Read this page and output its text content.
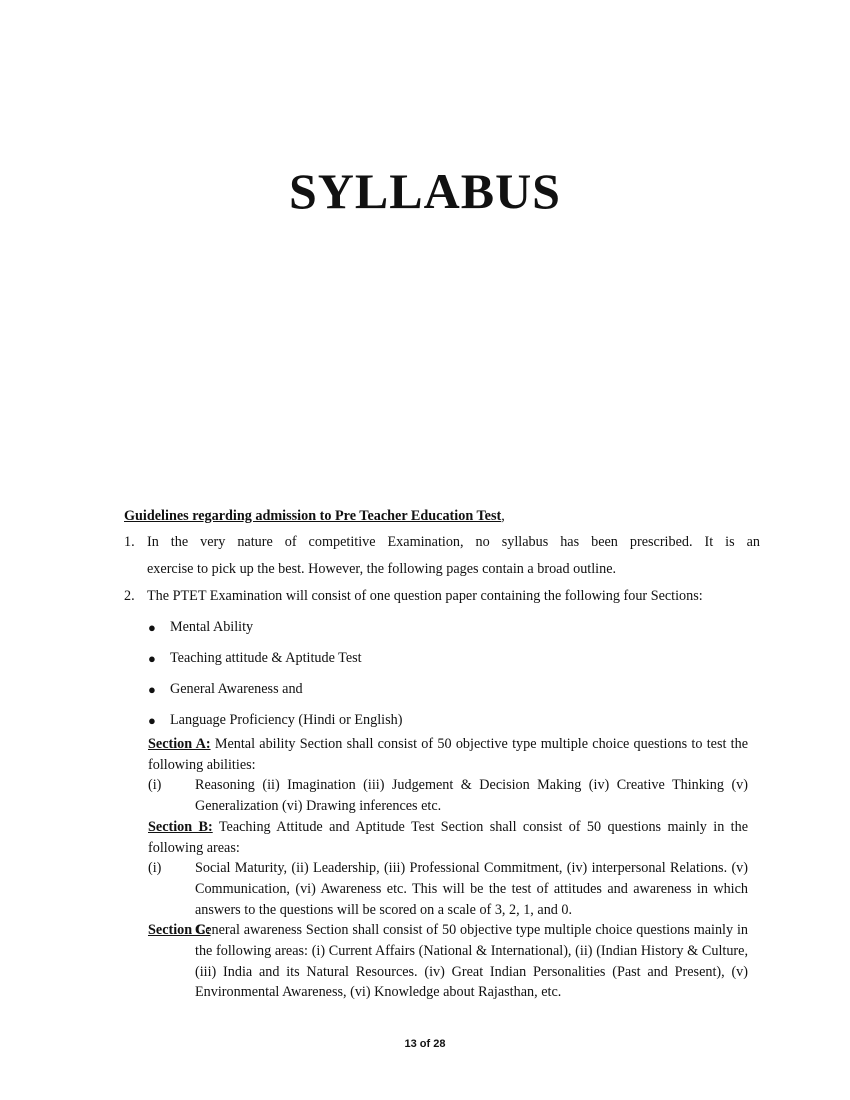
SYLLABUS
Guidelines regarding admission to Pre Teacher Education Test,
1. In the very nature of competitive Examination, no syllabus has been prescribed. It is an
exercise to pick up the best. However, the following pages contain a broad outline.
2. The PTET Examination will consist of one question paper containing the following four Sections:
● Mental Ability
● Teaching attitude & Aptitude Test
● General Awareness and
● Language Proficiency (Hindi or English)
Section A: Mental ability Section shall consist of 50 objective type multiple choice questions to test the following abilities:
(i) Reasoning (ii) Imagination (iii) Judgement & Decision Making (iv) Creative Thinking (v) Generalization (vi) Drawing inferences etc.
Section B: Teaching Attitude and Aptitude Test Section shall consist of 50 questions mainly in the following areas:
(i) Social Maturity, (ii) Leadership, (iii) Professional Commitment, (iv) interpersonal Relations. (v) Communication, (vi) Awareness etc. This will be the test of attitudes and awareness in which answers to the questions will be scored on a scale of 3, 2, 1, and 0.
Section C:
General awareness Section shall consist of 50 objective type multiple choice questions mainly in the following areas: (i) Current Affairs (National & International), (ii) (Indian History & Culture, (iii) India and its Natural Resources. (iv) Great Indian Personalities (Past and Present), (v) Environmental Awareness, (vi) Knowledge about Rajasthan, etc.
13 of 28
